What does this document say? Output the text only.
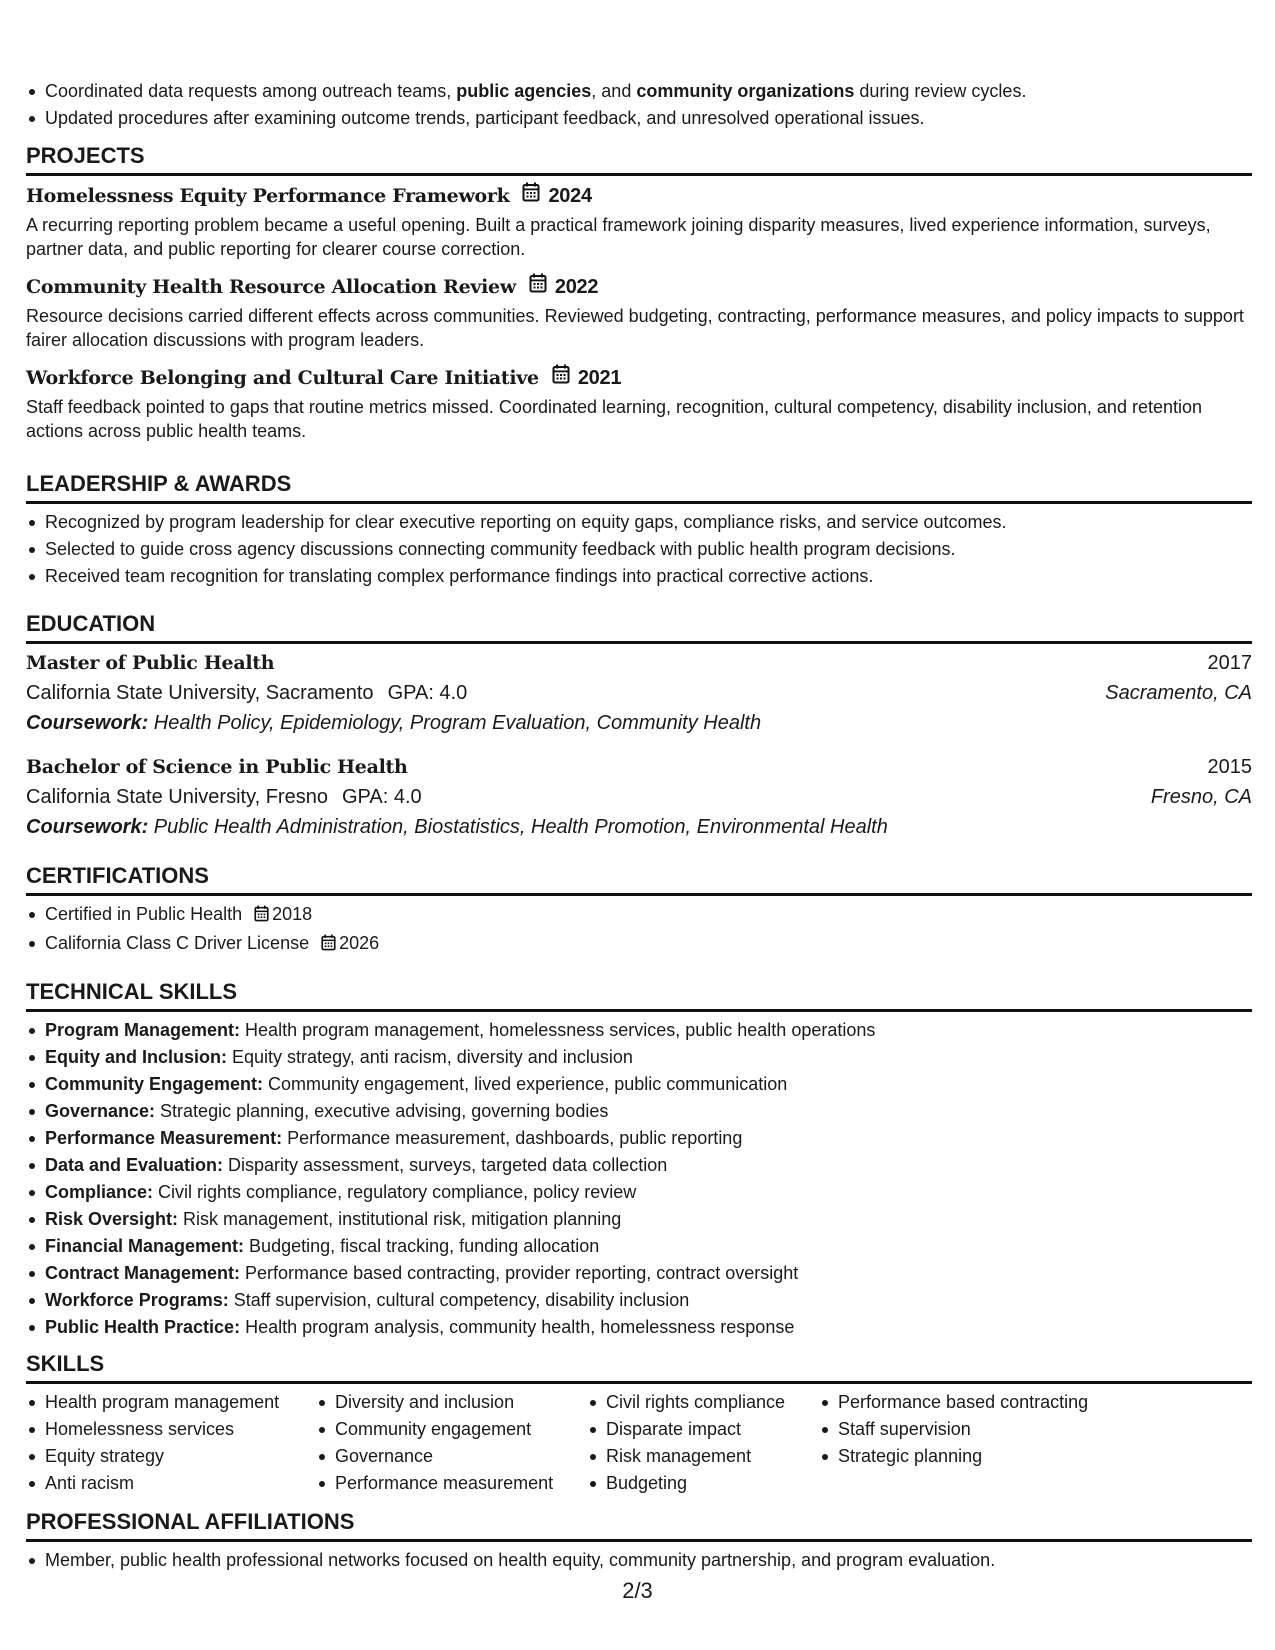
Coordinated data requests among outreach teams, public agencies, and community organizations during review cycles.
Updated procedures after examining outcome trends, participant feedback, and unresolved operational issues.
PROJECTS
Homelessness Equity Performance Framework 2024
A recurring reporting problem became a useful opening. Built a practical framework joining disparity measures, lived experience information, surveys, partner data, and public reporting for clearer course correction.
Community Health Resource Allocation Review 2022
Resource decisions carried different effects across communities. Reviewed budgeting, contracting, performance measures, and policy impacts to support fairer allocation discussions with program leaders.
Workforce Belonging and Cultural Care Initiative 2021
Staff feedback pointed to gaps that routine metrics missed. Coordinated learning, recognition, cultural competency, disability inclusion, and retention actions across public health teams.
LEADERSHIP & AWARDS
Recognized by program leadership for clear executive reporting on equity gaps, compliance risks, and service outcomes.
Selected to guide cross agency discussions connecting community feedback with public health program decisions.
Received team recognition for translating complex performance findings into practical corrective actions.
EDUCATION
Master of Public Health	2017
California State University, Sacramento GPA: 4.0	Sacramento, CA
Coursework: Health Policy, Epidemiology, Program Evaluation, Community Health
Bachelor of Science in Public Health	2015
California State University, Fresno GPA: 4.0	Fresno, CA
Coursework: Public Health Administration, Biostatistics, Health Promotion, Environmental Health
CERTIFICATIONS
Certified in Public Health 2018
California Class C Driver License 2026
TECHNICAL SKILLS
Program Management: Health program management, homelessness services, public health operations
Equity and Inclusion: Equity strategy, anti racism, diversity and inclusion
Community Engagement: Community engagement, lived experience, public communication
Governance: Strategic planning, executive advising, governing bodies
Performance Measurement: Performance measurement, dashboards, public reporting
Data and Evaluation: Disparity assessment, surveys, targeted data collection
Compliance: Civil rights compliance, regulatory compliance, policy review
Risk Oversight: Risk management, institutional risk, mitigation planning
Financial Management: Budgeting, fiscal tracking, funding allocation
Contract Management: Performance based contracting, provider reporting, contract oversight
Workforce Programs: Staff supervision, cultural competency, disability inclusion
Public Health Practice: Health program analysis, community health, homelessness response
SKILLS
Health program management
Homelessness services
Equity strategy
Anti racism
Diversity and inclusion
Community engagement
Governance
Performance measurement
Civil rights compliance
Disparate impact
Risk management
Budgeting
Performance based contracting
Staff supervision
Strategic planning
PROFESSIONAL AFFILIATIONS
Member, public health professional networks focused on health equity, community partnership, and program evaluation.
2/3
